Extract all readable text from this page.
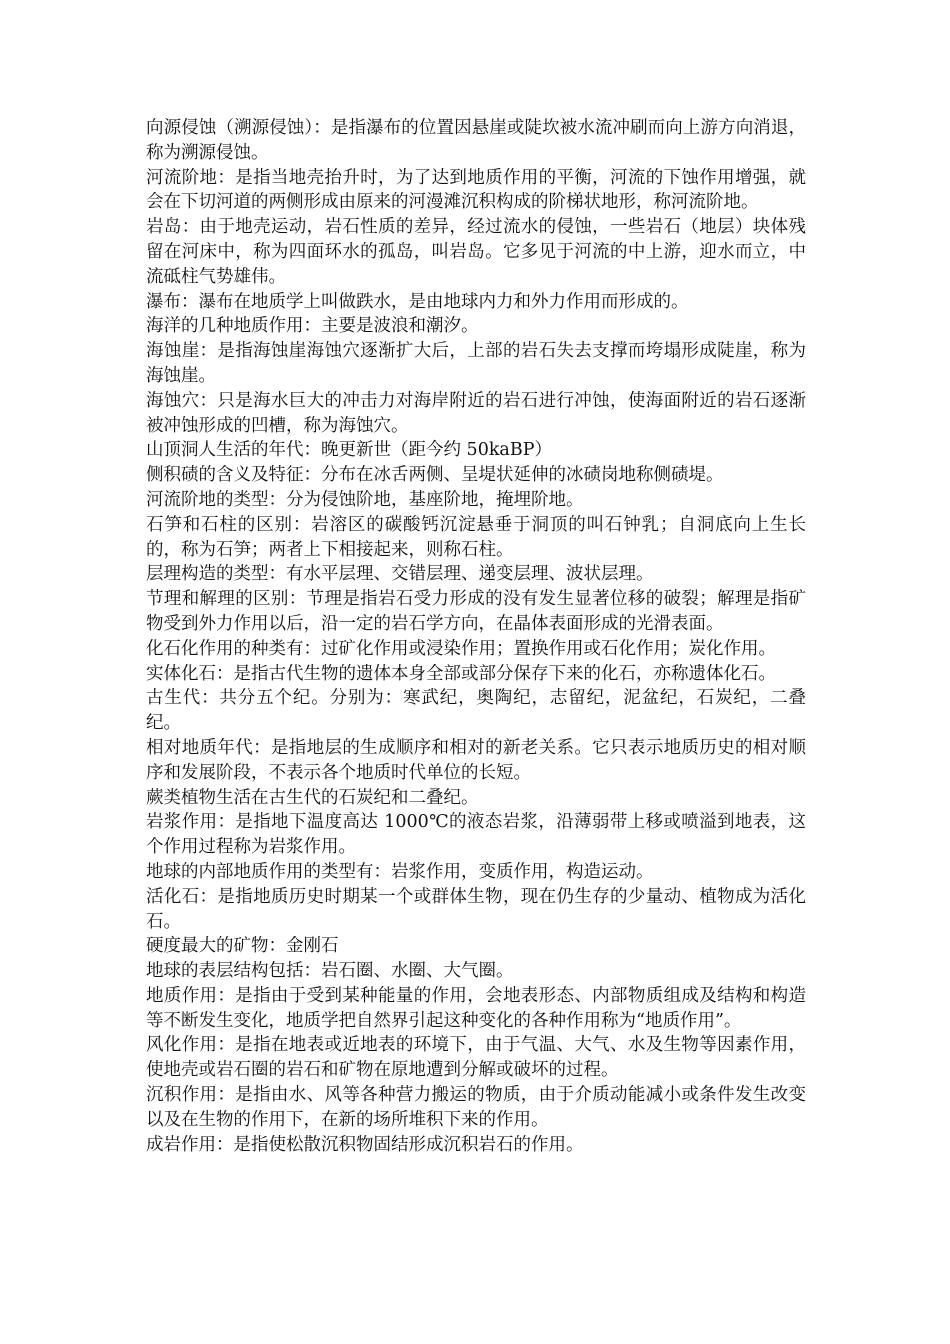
向源侵蚀（溯源侵蚀）：是指瀑布的位置因悬崖或陡坎被水流冲刷而向上游方向消退，称为溯源侵蚀。

河流阶地：是指当地壳抬升时，为了达到地质作用的平衡，河流的下蚀作用增强，就会在下切河道的两侧形成由原来的河漫滩沉积构成的阶梯状地形，称河流阶地。

岩岛：由于地壳运动，岩石性质的差异，经过流水的侵蚀，一些岩石（地层）块体残留在河床中，称为四面环水的孤岛，叫岩岛。它多见于河流的中上游，迎水而立，中流砥柱气势雄伟。

瀑布：瀑布在地质学上叫做跌水，是由地球内力和外力作用而形成的。

海洋的几种地质作用：主要是波浪和潮汐。

海蚀崖：是指海蚀崖海蚀穴逐渐扩大后，上部的岩石失去支撑而垮塌形成陡崖，称为海蚀崖。

海蚀穴：只是海水巨大的冲击力对海岸附近的岩石进行冲蚀，使海面附近的岩石逐渐被冲蚀形成的凹槽，称为海蚀穴。

山顶洞人生活的年代：晚更新世（距今约 50kaBP）

侧积碛的含义及特征：分布在冰舌两侧、呈堤状延伸的冰碛岗地称侧碛堤。

河流阶地的类型：分为侵蚀阶地，基座阶地，掩埋阶地。

石笋和石柱的区别：岩溶区的碳酸钙沉淀悬垂于洞顶的叫石钟乳；自洞底向上生长的，称为石笋；两者上下相接起来，则称石柱。

层理构造的类型：有水平层理、交错层理、递变层理、波状层理。

节理和解理的区别：节理是指岩石受力形成的没有发生显著位移的破裂；解理是指矿物受到外力作用以后，沿一定的岩石学方向，在晶体表面形成的光滑表面。

化石化作用的种类有：过矿化作用或浸染作用；置换作用或石化作用；炭化作用。

实体化石：是指古代生物的遗体本身全部或部分保存下来的化石，亦称遗体化石。

古生代：共分五个纪。分别为：寒武纪，奥陶纪，志留纪，泥盆纪，石炭纪，二叠纪。

相对地质年代：是指地层的生成顺序和相对的新老关系。它只表示地质历史的相对顺序和发展阶段，不表示各个地质时代单位的长短。

蕨类植物生活在古生代的石炭纪和二叠纪。

岩浆作用：是指地下温度高达 1000℃的液态岩浆，沿薄弱带上移或喷溢到地表，这个作用过程称为岩浆作用。

地球的内部地质作用的类型有：岩浆作用，变质作用，构造运动。

活化石：是指地质历史时期某一个或群体生物，现在仍生存的少量动、植物成为活化石。

硬度最大的矿物：金刚石

地球的表层结构包括：岩石圈、水圈、大气圈。

地质作用：是指由于受到某种能量的作用，会地表形态、内部物质组成及结构和构造等不断发生变化，地质学把自然界引起这种变化的各种作用称为“地质作用”。

风化作用：是指在地表或近地表的环境下，由于气温、大气、水及生物等因素作用，使地壳或岩石圈的岩石和矿物在原地遭到分解或破坏的过程。

沉积作用：是指由水、风等各种营力搬运的物质，由于介质动能减小或条件发生改变以及在生物的作用下，在新的场所堆积下来的作用。

成岩作用：是指使松散沉积物固结形成沉积岩石的作用。
